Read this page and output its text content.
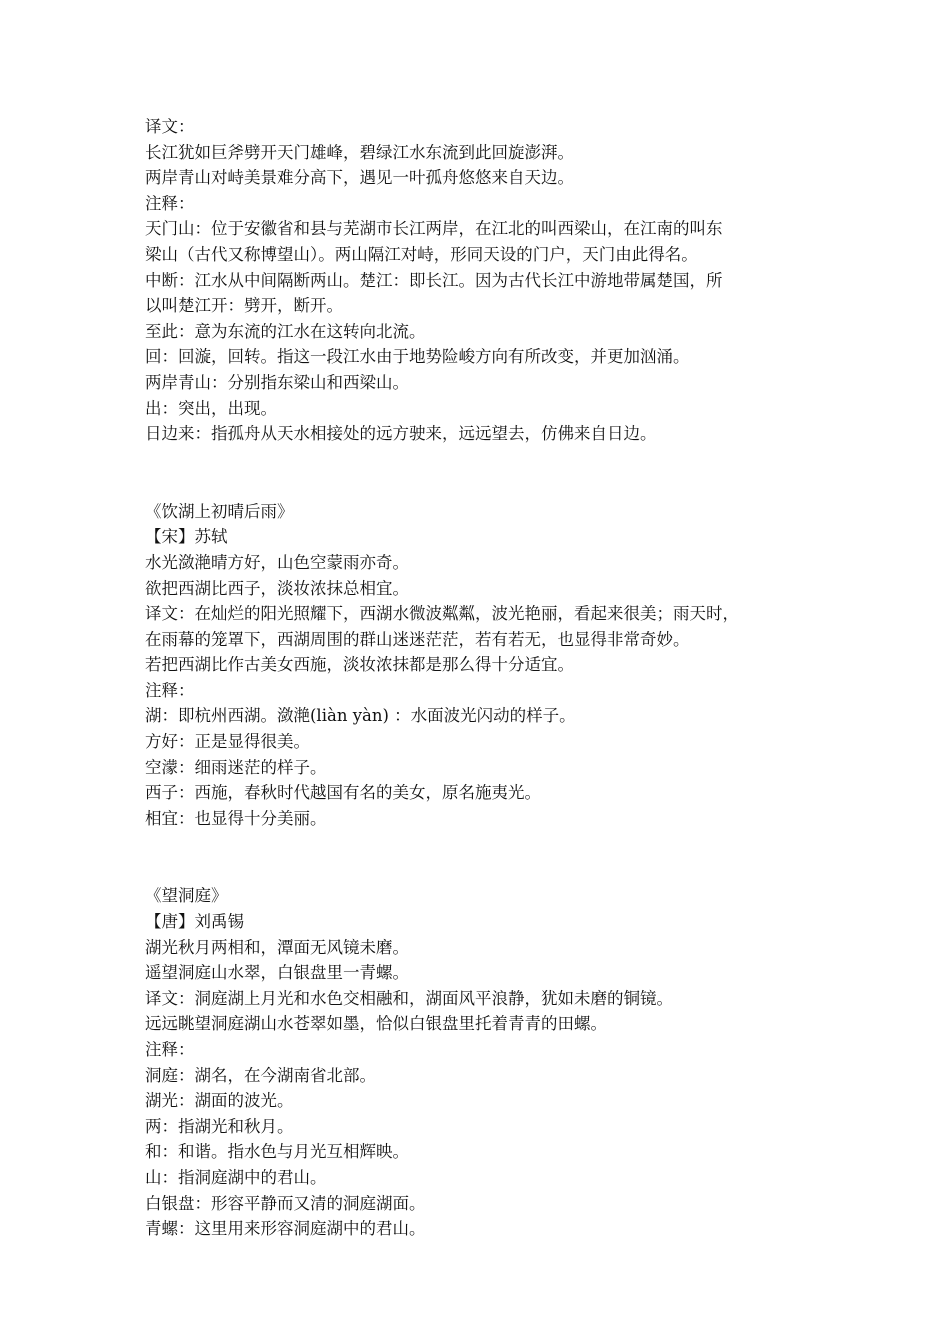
译文：

长江犹如巨斧劈开天门雄峰，碧绿江水东流到此回旋澎湃。

两岸青山对峙美景难分高下，遇见一叶孤舟悠悠来自天边。

注释：

天门山：位于安徽省和县与芜湖市长江两岸，在江北的叫西梁山，在江南的叫东

梁山（古代又称博望山）。两山隔江对峙，形同天设的门户，天门由此得名。

中断：江水从中间隔断两山。楚江：即长江。因为古代长江中游地带属楚国，所

以叫楚江开：劈开，断开。

至此：意为东流的江水在这转向北流。

回：回漩，回转。指这一段江水由于地势险峻方向有所改变，并更加汹涌。

两岸青山：分别指东梁山和西梁山。

出：突出，出现。

日边来：指孤舟从天水相接处的远方驶来，远远望去，仿佛来自日边。

《饮湖上初晴后雨》

【宋】苏轼

水光潋滟晴方好，山色空蒙雨亦奇。

欲把西湖比西子，淡妆浓抹总相宜。

译文：在灿烂的阳光照耀下，西湖水微波粼粼，波光艳丽，看起来很美；雨天时，

在雨幕的笼罩下，西湖周围的群山迷迷茫茫，若有若无，也显得非常奇妙。

若把西湖比作古美女西施，淡妆浓抹都是那么得十分适宜。

注释：

湖：即杭州西湖。潋滟(liàn yàn) ：水面波光闪动的样子。

方好：正是显得很美。

空濛：细雨迷茫的样子。

西子：西施，春秋时代越国有名的美女，原名施夷光。

相宜：也显得十分美丽。

《望洞庭》

【唐】刘禹锡

湖光秋月两相和，潭面无风镜未磨。

遥望洞庭山水翠，白银盘里一青螺。

译文：洞庭湖上月光和水色交相融和，湖面风平浪静，犹如未磨的铜镜。

远远眺望洞庭湖山水苍翠如墨，恰似白银盘里托着青青的田螺。

注释：

洞庭：湖名，在今湖南省北部。

湖光：湖面的波光。

两：指湖光和秋月。

和：和谐。指水色与月光互相辉映。

山：指洞庭湖中的君山。

白银盘：形容平静而又清的洞庭湖面。

青螺：这里用来形容洞庭湖中的君山。
